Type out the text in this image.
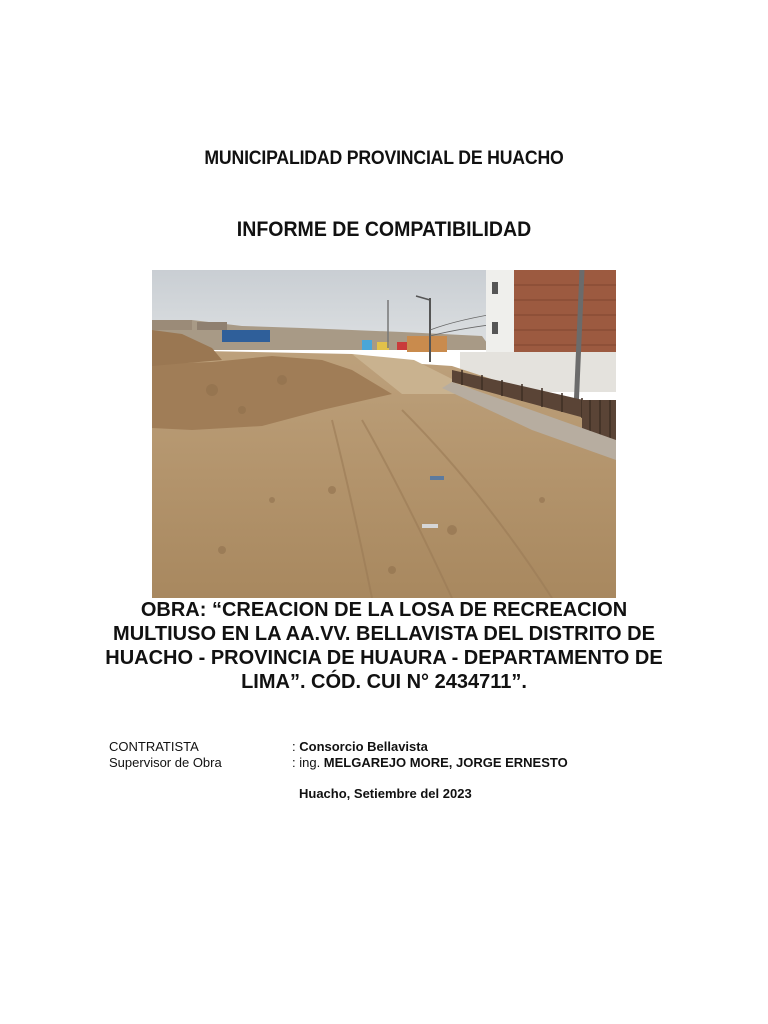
MUNICIPALIDAD PROVINCIAL DE HUACHO
INFORME DE COMPATIBILIDAD
OBRA: “CREACION DE LA LOSA DE RECREACION
MULTIUSO EN LA AA.VV. BELLAVISTA DEL DISTRITO DE
HUACHO - PROVINCIA DE HUAURA - DEPARTAMENTO DE
LIMA”. CÓD. CUI N° 2434711”.
CONTRATISTA	: Consorcio Bellavista
Supervisor de Obra	: ing. MELGAREJO MORE, JORGE ERNESTO
Huacho, Setiembre del 2023
